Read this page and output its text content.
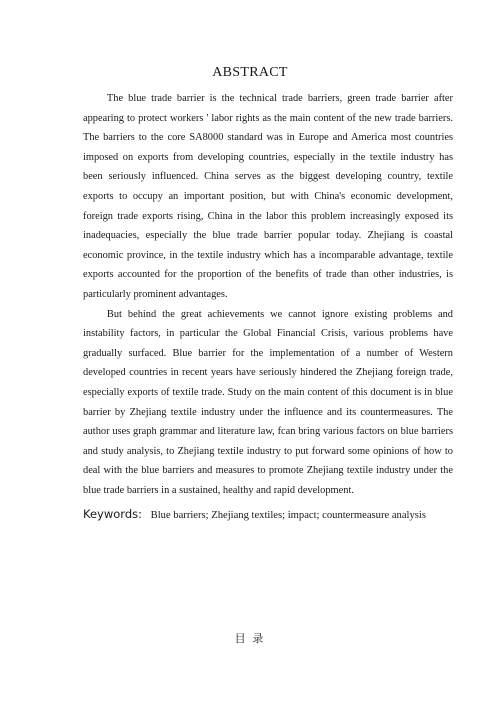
ABSTRACT

The blue trade barrier is the technical trade barriers, green trade barrier after appearing to protect workers ' labor rights as the main content of the new trade barriers. The barriers to the core SA8000 standard was in Europe and America most countries imposed on exports from developing countries, especially in the textile industry has been seriously influenced. China serves as the biggest developing country, textile exports to occupy an important position, but with China's economic development, foreign trade exports rising, China in the labor this problem increasingly exposed its inadequacies, especially the blue trade barrier popular today. Zhejiang is coastal economic province, in the textile industry which has a incomparable advantage, textile exports accounted for the proportion of the benefits of trade than other industries, is particularly prominent advantages.

But behind the great achievements we cannot ignore existing problems and instability factors, in particular the Global Financial Crisis, various problems have gradually surfaced. Blue barrier for the implementation of a number of Western developed countries in recent years have seriously hindered the Zhejiang foreign trade, especially exports of textile trade. Study on the main content of this document is in blue barrier by Zhejiang textile industry under the influence and its countermeasures. The author uses graph grammar and literature law, fcan bring various factors on blue barriers and study analysis, to Zhejiang textile industry to put forward some opinions of how to deal with the blue barriers and measures to promote Zhejiang textile industry under the blue trade barriers in a sustained, healthy and rapid development.

Keywords: Blue barriers; Zhejiang textiles; impact; countermeasure analysis
目 录
